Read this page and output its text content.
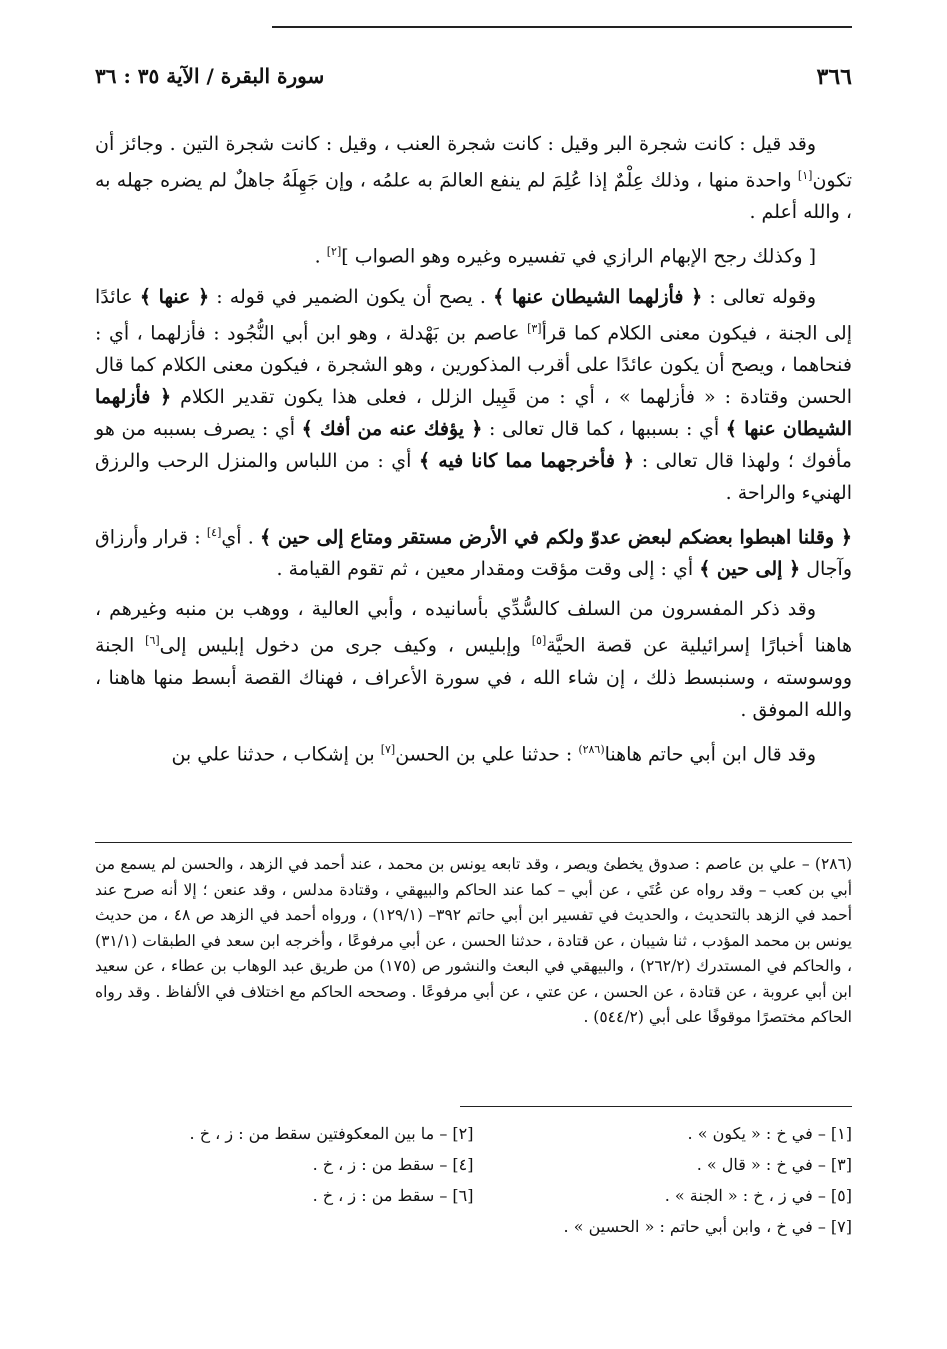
٣٦٦
سورة البقرة / الآية ٣٥ : ٣٦

وقد قيل : كانت شجرة البر وقيل : كانت شجرة العنب ، وقيل : كانت شجرة التين . وجائز أن تكون[١] واحدة منها ، وذلك عِلْمٌ إذا عُلِمَ لم ينفع العالمَ به علمُه ، وإن جَهِلَهُ جاهلٌ لم يضره جهله به ، والله أعلم .

[ وكذلك رجح الإبهام الرازي في تفسيره وغيره وهو الصواب ][٢] .

وقوله تعالى : ﴿ فأزلهما الشيطان عنها ﴾ . يصح أن يكون الضمير في قوله : ﴿ عنها ﴾ عائدًا إلى الجنة ، فيكون معنى الكلام كما قرأ[٣] عاصم بن بَهْدلة ، وهو ابن أبي النُّجُود : فأزلهما ، أي : فنحاهما ، ويصح أن يكون عائدًا على أقرب المذكورين ، وهو الشجرة ، فيكون معنى الكلام كما قال الحسن وقتادة : « فأزلهما » ، أي : من قَبِيل الزلل ، فعلى هذا يكون تقدير الكلام ﴿ فأزلهما الشيطان عنها ﴾ أي : بسببها ، كما قال تعالى : ﴿ يؤفك عنه من أفك ﴾ أي : يصرف بسببه من هو مأفوك ؛ ولهذا قال تعالى : ﴿ فأخرجهما مما كانا فيه ﴾ أي : من اللباس والمنزل الرحب والرزق الهنيء والراحة .

﴿ وقلنا اهبطوا بعضكم لبعض عدوّ ولكم في الأرض مستقر ومتاع إلى حين ﴾ . أي[٤] : قرار وأرزاق وآجال ﴿ إلى حين ﴾ أي : إلى وقت مؤقت ومقدار معين ، ثم تقوم القيامة .

وقد ذكر المفسرون من السلف كالسُّدِّي بأسانيده ، وأبي العالية ، ووهب بن منبه وغيرهم ، هاهنا أخبارًا إسرائيلية عن قصة الحيَّة[٥] وإبليس ، وكيف جرى من دخول إبليس إلى[٦] الجنة ووسوسته ، وسنبسط ذلك ، إن شاء الله ، في سورة الأعراف ، فهناك القصة أبسط منها هاهنا ، والله الموفق .

وقد قال ابن أبي حاتم هاهنا$^{(٢٨٦)}$ : حدثنا علي بن الحسن[٧] بن إشكاب ، حدثنا علي بن

(٢٨٦) – علي بن عاصم : صدوق يخطئ ويصر ، وقد تابعه يونس بن محمد ، عند أحمد في الزهد ، والحسن لم يسمع من أبي بن كعب – وقد رواه عن عُتَي ، عن أبي – كما عند الحاكم والبيهقي ، وقتادة مدلس ، وقد عنعن ؛ إلا أنه صرح عند أحمد في الزهد بالتحديث ، والحديث في تفسير ابن أبي حاتم ٣٩٢– (١٢٩/١) ، ورواه أحمد في الزهد ص ٤٨ ، من حديث يونس بن محمد المؤدب ، ثنا شيبان ، عن قتادة ، حدثنا الحسن ، عن أبي مرفوعًا ، وأخرجه ابن سعد في الطبقات (٣١/١) ، والحاكم في المستدرك (٢٦٢/٢) ، والبيهقي في البعث والنشور ص (١٧٥) من طريق عبد الوهاب بن عطاء ، عن سعيد ابن أبي عروبة ، عن قتادة ، عن الحسن ، عن عتي ، عن أبي مرفوعًا . وصححه الحاكم مع اختلاف في الألفاظ . وقد رواه الحاكم مختصرًا موقوفًا على أبي (٥٤٤/٢) .
[١] – في خ : « يكون » .
[٢] – ما بين المعكوفتين سقط من : ز ، خ .
[٣] – في خ : « قال » .
[٤] – سقط من : ز ، خ .
[٥] – في ز ، خ : « الجنة » .
[٦] – سقط من : ز ، خ .
[٧] – في خ ، وابن أبي حاتم : « الحسين » .
